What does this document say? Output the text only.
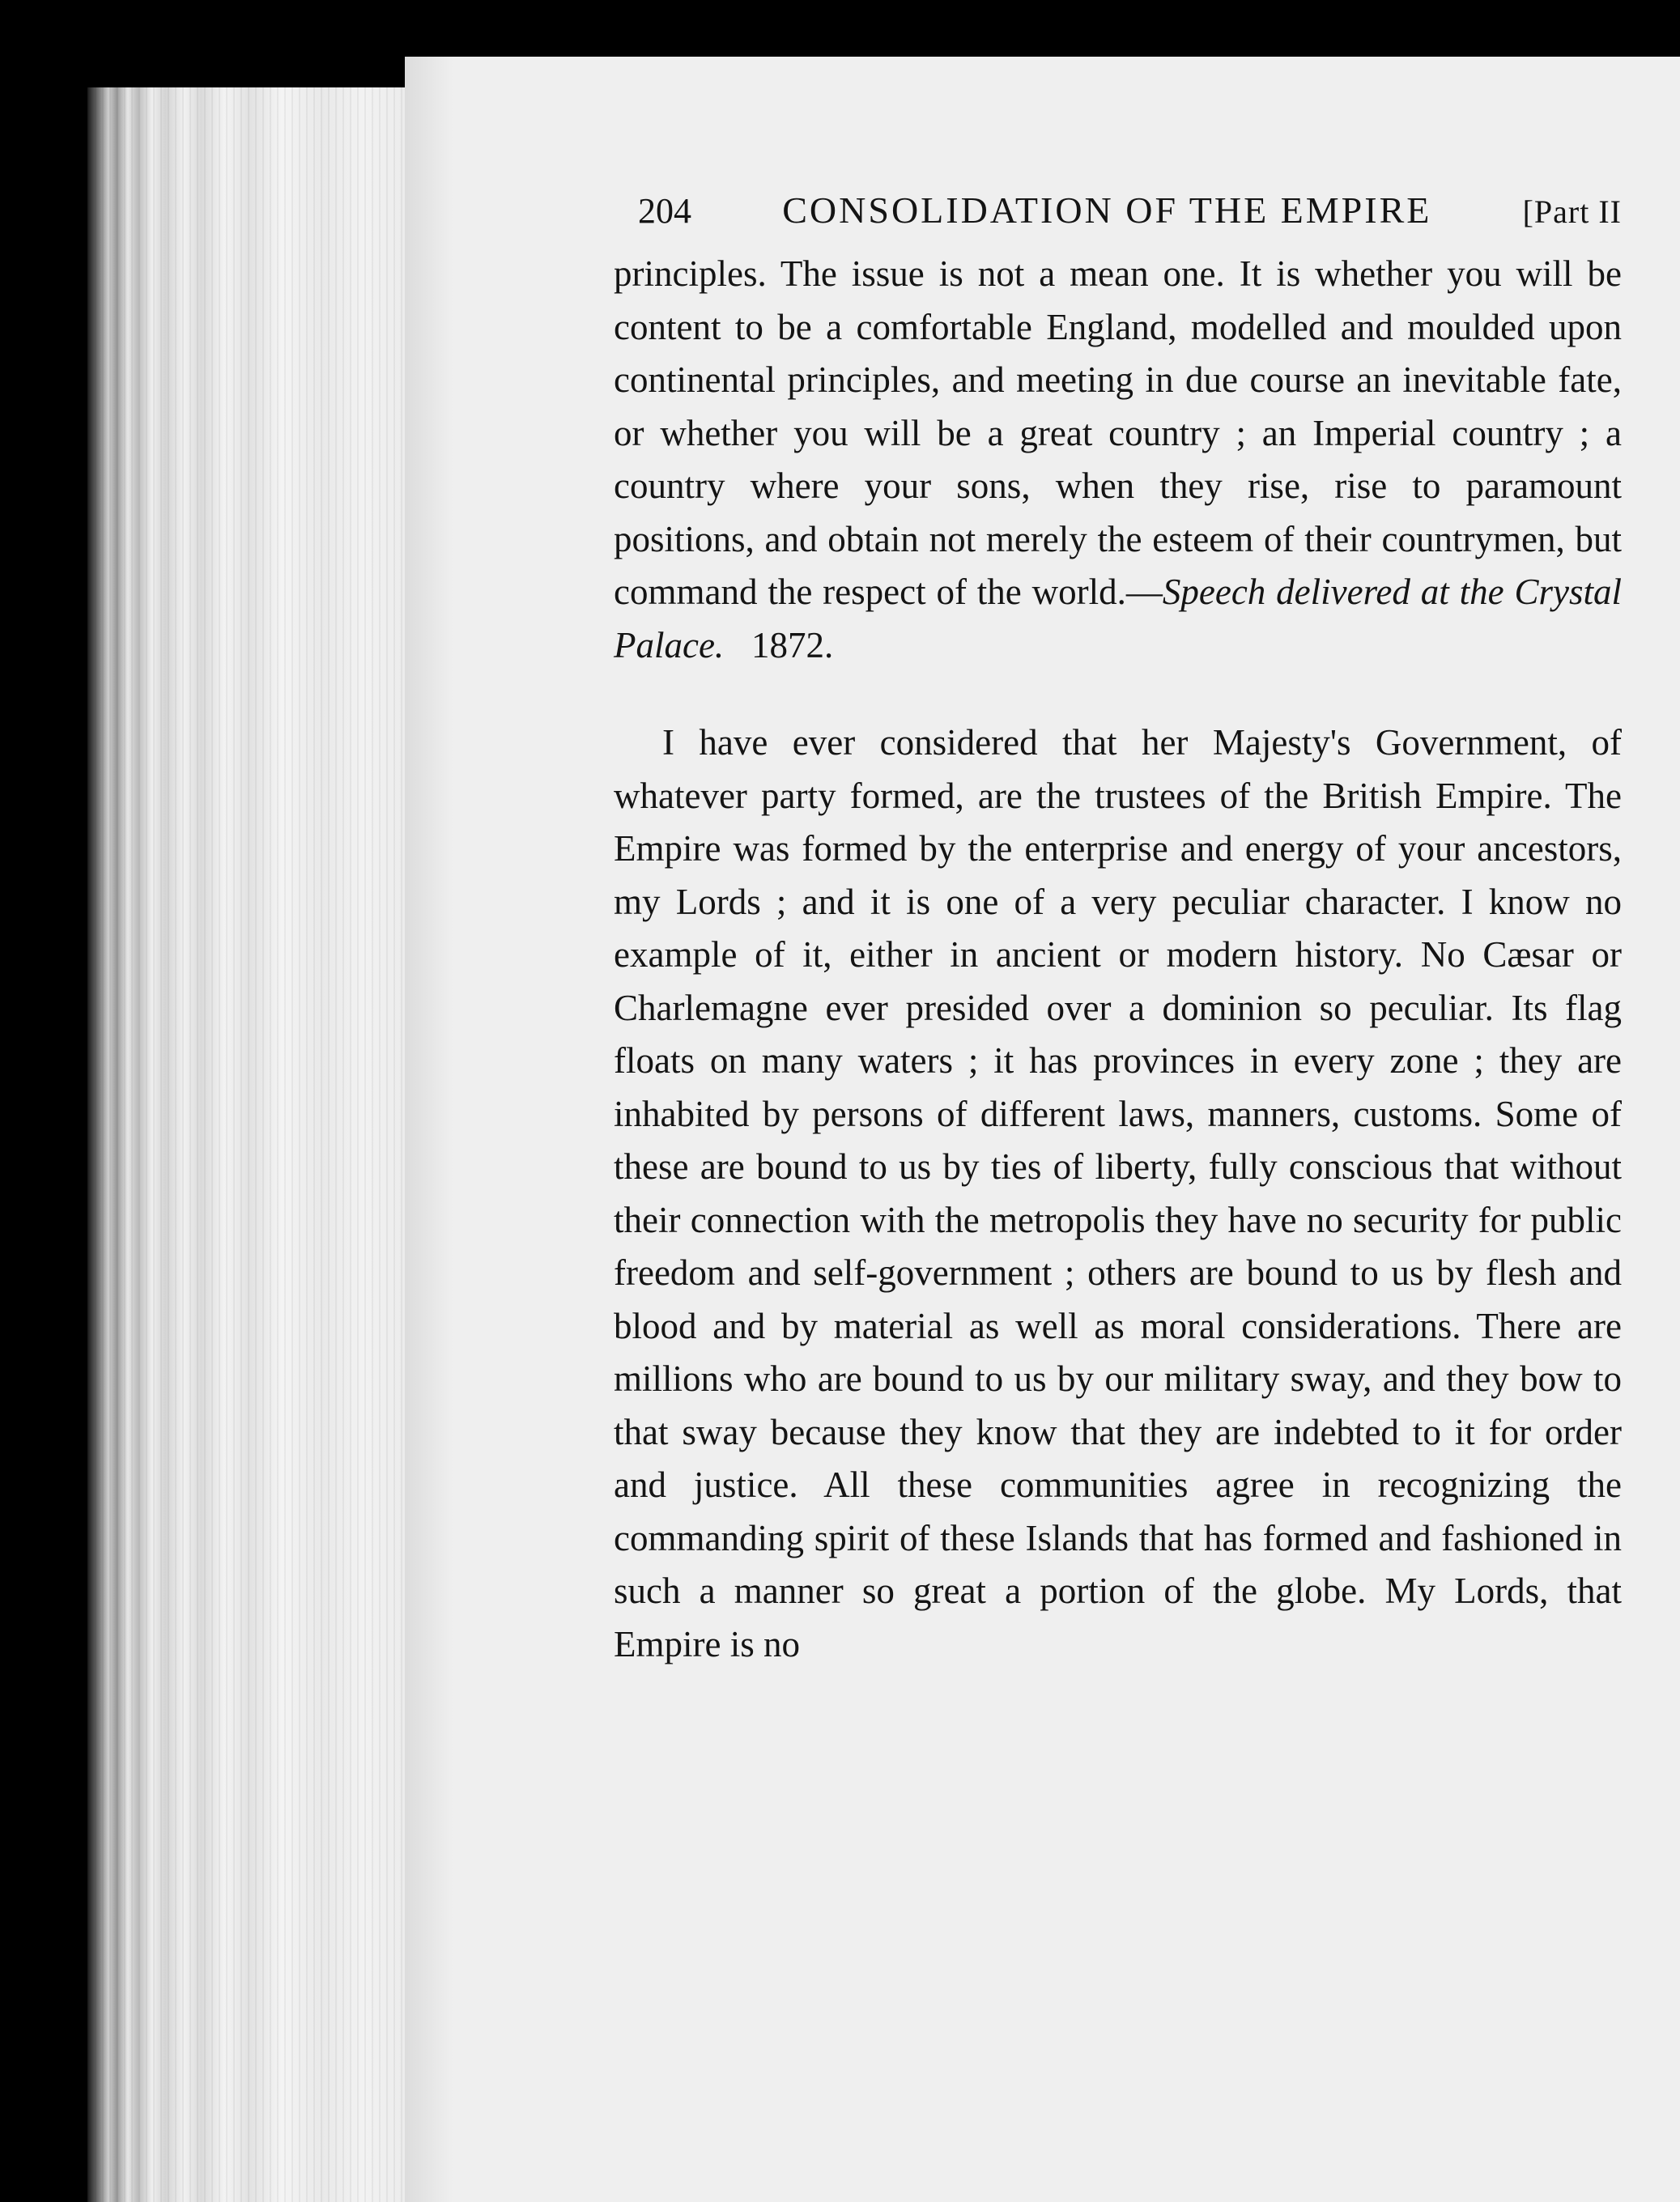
204 CONSOLIDATION OF THE EMPIRE	[Part II

principles. The issue is not a mean one. It is whether you will be content to be a comfortable England, modelled and moulded upon continental principles, and meeting in due course an inevitable fate, or whether you will be a great country ; an Imperial country ; a country where your sons, when they rise, rise to paramount positions, and obtain not merely the esteem of their countrymen, but command the respect of the world.—Speech delivered at the Crystal Palace. 1872.

I have ever considered that her Majesty's Government, of whatever party formed, are the trustees of the British Empire. The Empire was formed by the enterprise and energy of your ancestors, my Lords ; and it is one of a very peculiar character. I know no example of it, either in ancient or modern history. No Cæsar or Charlemagne ever presided over a dominion so peculiar. Its flag floats on many waters ; it has provinces in every zone ; they are inhabited by persons of different laws, manners, customs. Some of these are bound to us by ties of liberty, fully conscious that without their connection with the metropolis they have no security for public freedom and self-government ; others are bound to us by flesh and blood and by material as well as moral considerations. There are millions who are bound to us by our military sway, and they bow to that sway because they know that they are indebted to it for order and justice. All these communities agree in recognizing the commanding spirit of these Islands that has formed and fashioned in such a manner so great a portion of the globe. My Lords, that Empire is no
